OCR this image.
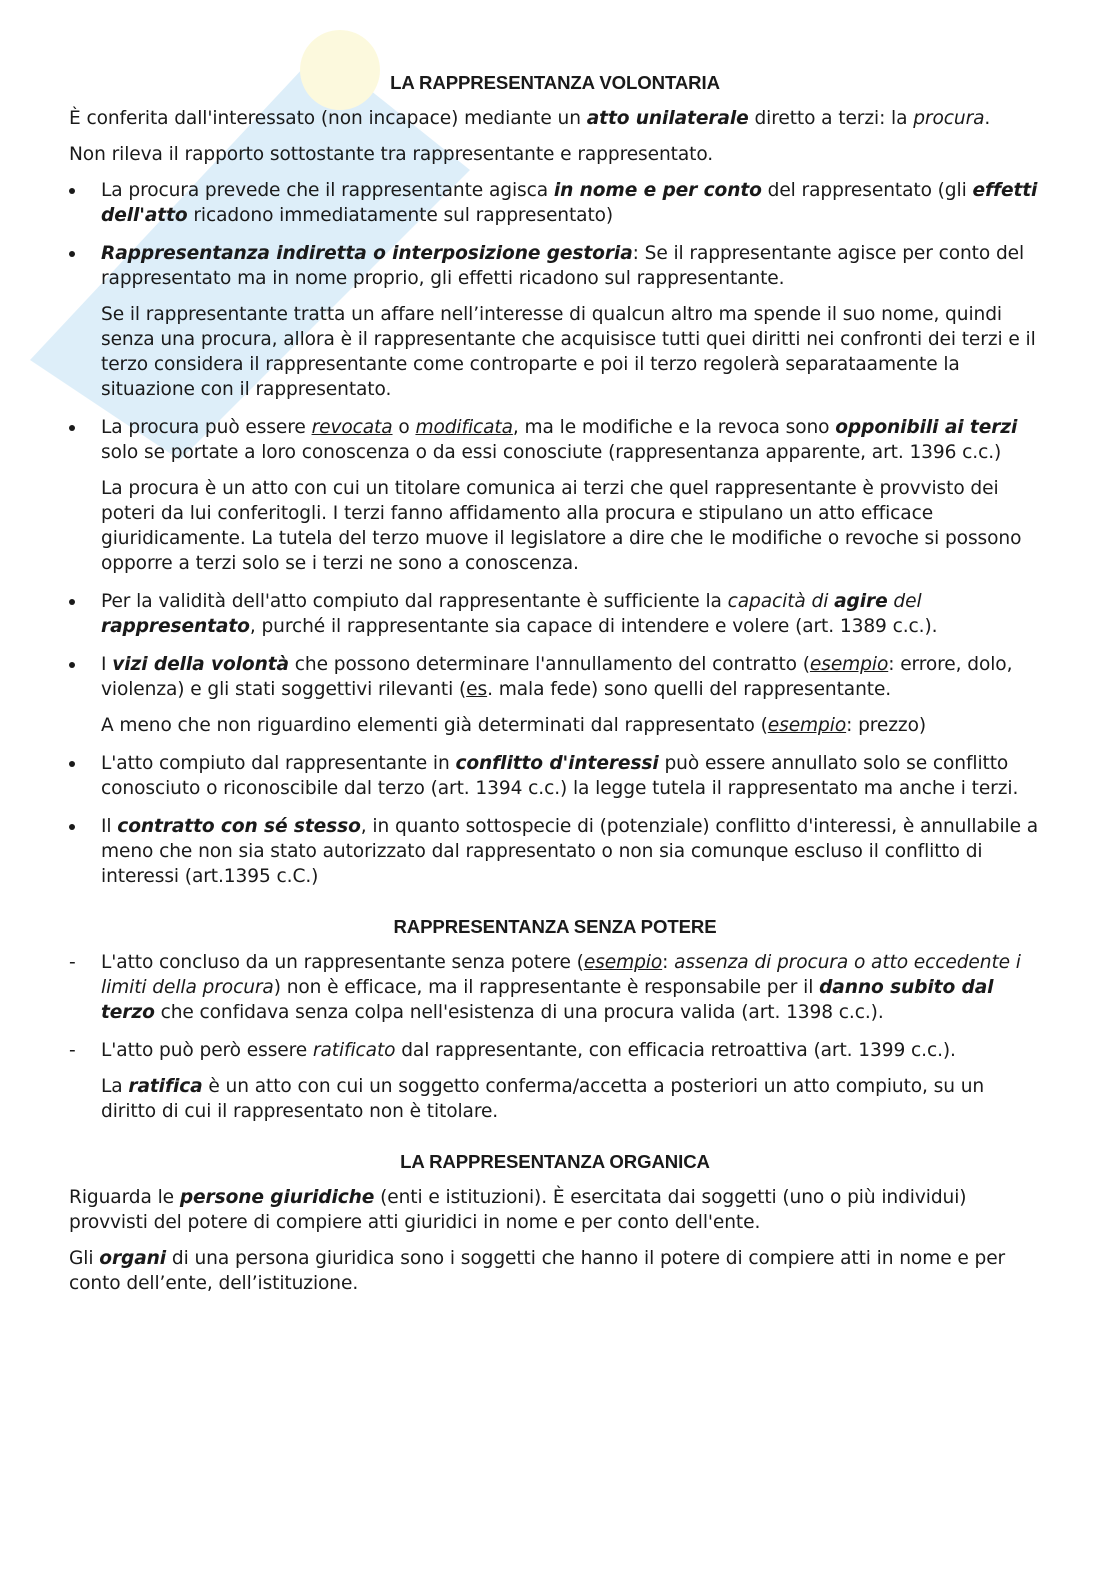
LA RAPPRESENTANZA VOLONTARIA

È conferita dall'interessato (non incapace) mediante un atto unilaterale diretto a terzi: la procura.

Non rileva il rapporto sottostante tra rappresentante e rappresentato.

La procura prevede che il rappresentante agisca in nome e per conto del rappresentato (gli effetti dell'atto ricadono immediatamente sul rappresentato)
Rappresentanza indiretta o interposizione gestoria: Se il rappresentante agisce per conto del rappresentato ma in nome proprio, gli effetti ricadono sul rappresentante.

Se il rappresentante tratta un affare nell’interesse di qualcun altro ma spende il suo nome, quindi senza una procura, allora è il rappresentante che acquisisce tutti quei diritti nei confronti dei terzi e il terzo considera il rappresentante come controparte e poi il terzo regolerà separataamente la situazione con il rappresentato.

La procura può essere revocata o modificata, ma le modifiche e la revoca sono opponibili ai terzi solo se portate a loro conoscenza o da essi conosciute (rappresentanza apparente, art. 1396 c.c.)

La procura è un atto con cui un titolare comunica ai terzi che quel rappresentante è provvisto dei poteri da lui conferitogli. I terzi fanno affidamento alla procura e stipulano un atto efficace giuridicamente. La tutela del terzo muove il legislatore a dire che le modifiche o revoche si possono opporre a terzi solo se i terzi ne sono a conoscenza.

Per la validità dell'atto compiuto dal rappresentante è sufficiente la capacità di agire del rappresentato, purché il rappresentante sia capace di intendere e volere (art. 1389 c.c.).
I vizi della volontà che possono determinare l'annullamento del contratto (esempio: errore, dolo, violenza) e gli stati soggettivi rilevanti (es. mala fede) sono quelli del rappresentante.

A meno che non riguardino elementi già determinati dal rappresentato (esempio: prezzo)

L'atto compiuto dal rappresentante in conflitto d'interessi può essere annullato solo se conflitto conosciuto o riconoscibile dal terzo (art. 1394 c.c.) la legge tutela il rappresentato ma anche i terzi.
Il contratto con sé stesso, in quanto sottospecie di (potenziale) conflitto d'interessi, è annullabile a meno che non sia stato autorizzato dal rappresentato o non sia comunque escluso il conflitto di interessi (art.1395 c.C.)
RAPPRESENTANZA SENZA POTERE
- L'atto concluso da un rappresentante senza potere (esempio: assenza di procura o atto eccedente i limiti della procura) non è efficace, ma il rappresentante è responsabile per il danno subito dal terzo che confidava senza colpa nell'esistenza di una procura valida (art. 1398 c.c.).
- L'atto può però essere ratificato dal rappresentante, con efficacia retroattiva (art. 1399 c.c.).

La ratifica è un atto con cui un soggetto conferma/accetta a posteriori un atto compiuto, su un diritto di cui il rappresentato non è titolare.

LA RAPPRESENTANZA ORGANICA

Riguarda le persone giuridiche (enti e istituzioni). È esercitata dai soggetti (uno o più individui) provvisti del potere di compiere atti giuridici in nome e per conto dell'ente.

Gli organi di una persona giuridica sono i soggetti che hanno il potere di compiere atti in nome e per conto dell’ente, dell’istituzione.
